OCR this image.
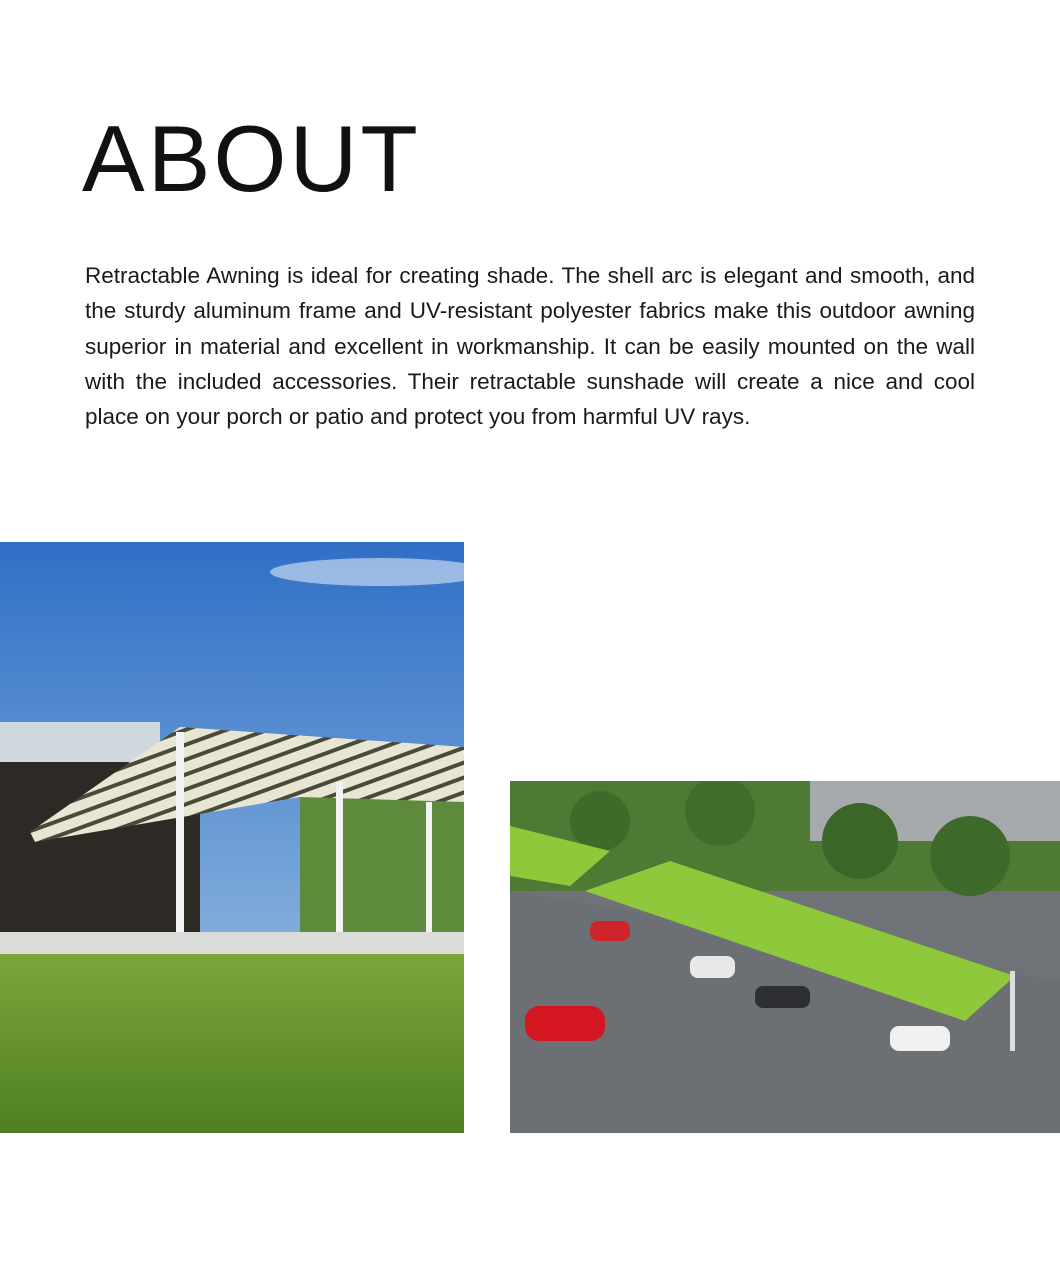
ABOUT

Retractable Awning is ideal for creating shade. The shell arc is elegant and smooth, and the sturdy aluminum frame and UV-resistant polyester fabrics make this outdoor awning superior in material and excellent in workmanship. It can be easily mounted on the wall with the included accessories. Their retractable sunshade will create a nice and cool place on your porch or patio and protect you from harmful UV rays.
